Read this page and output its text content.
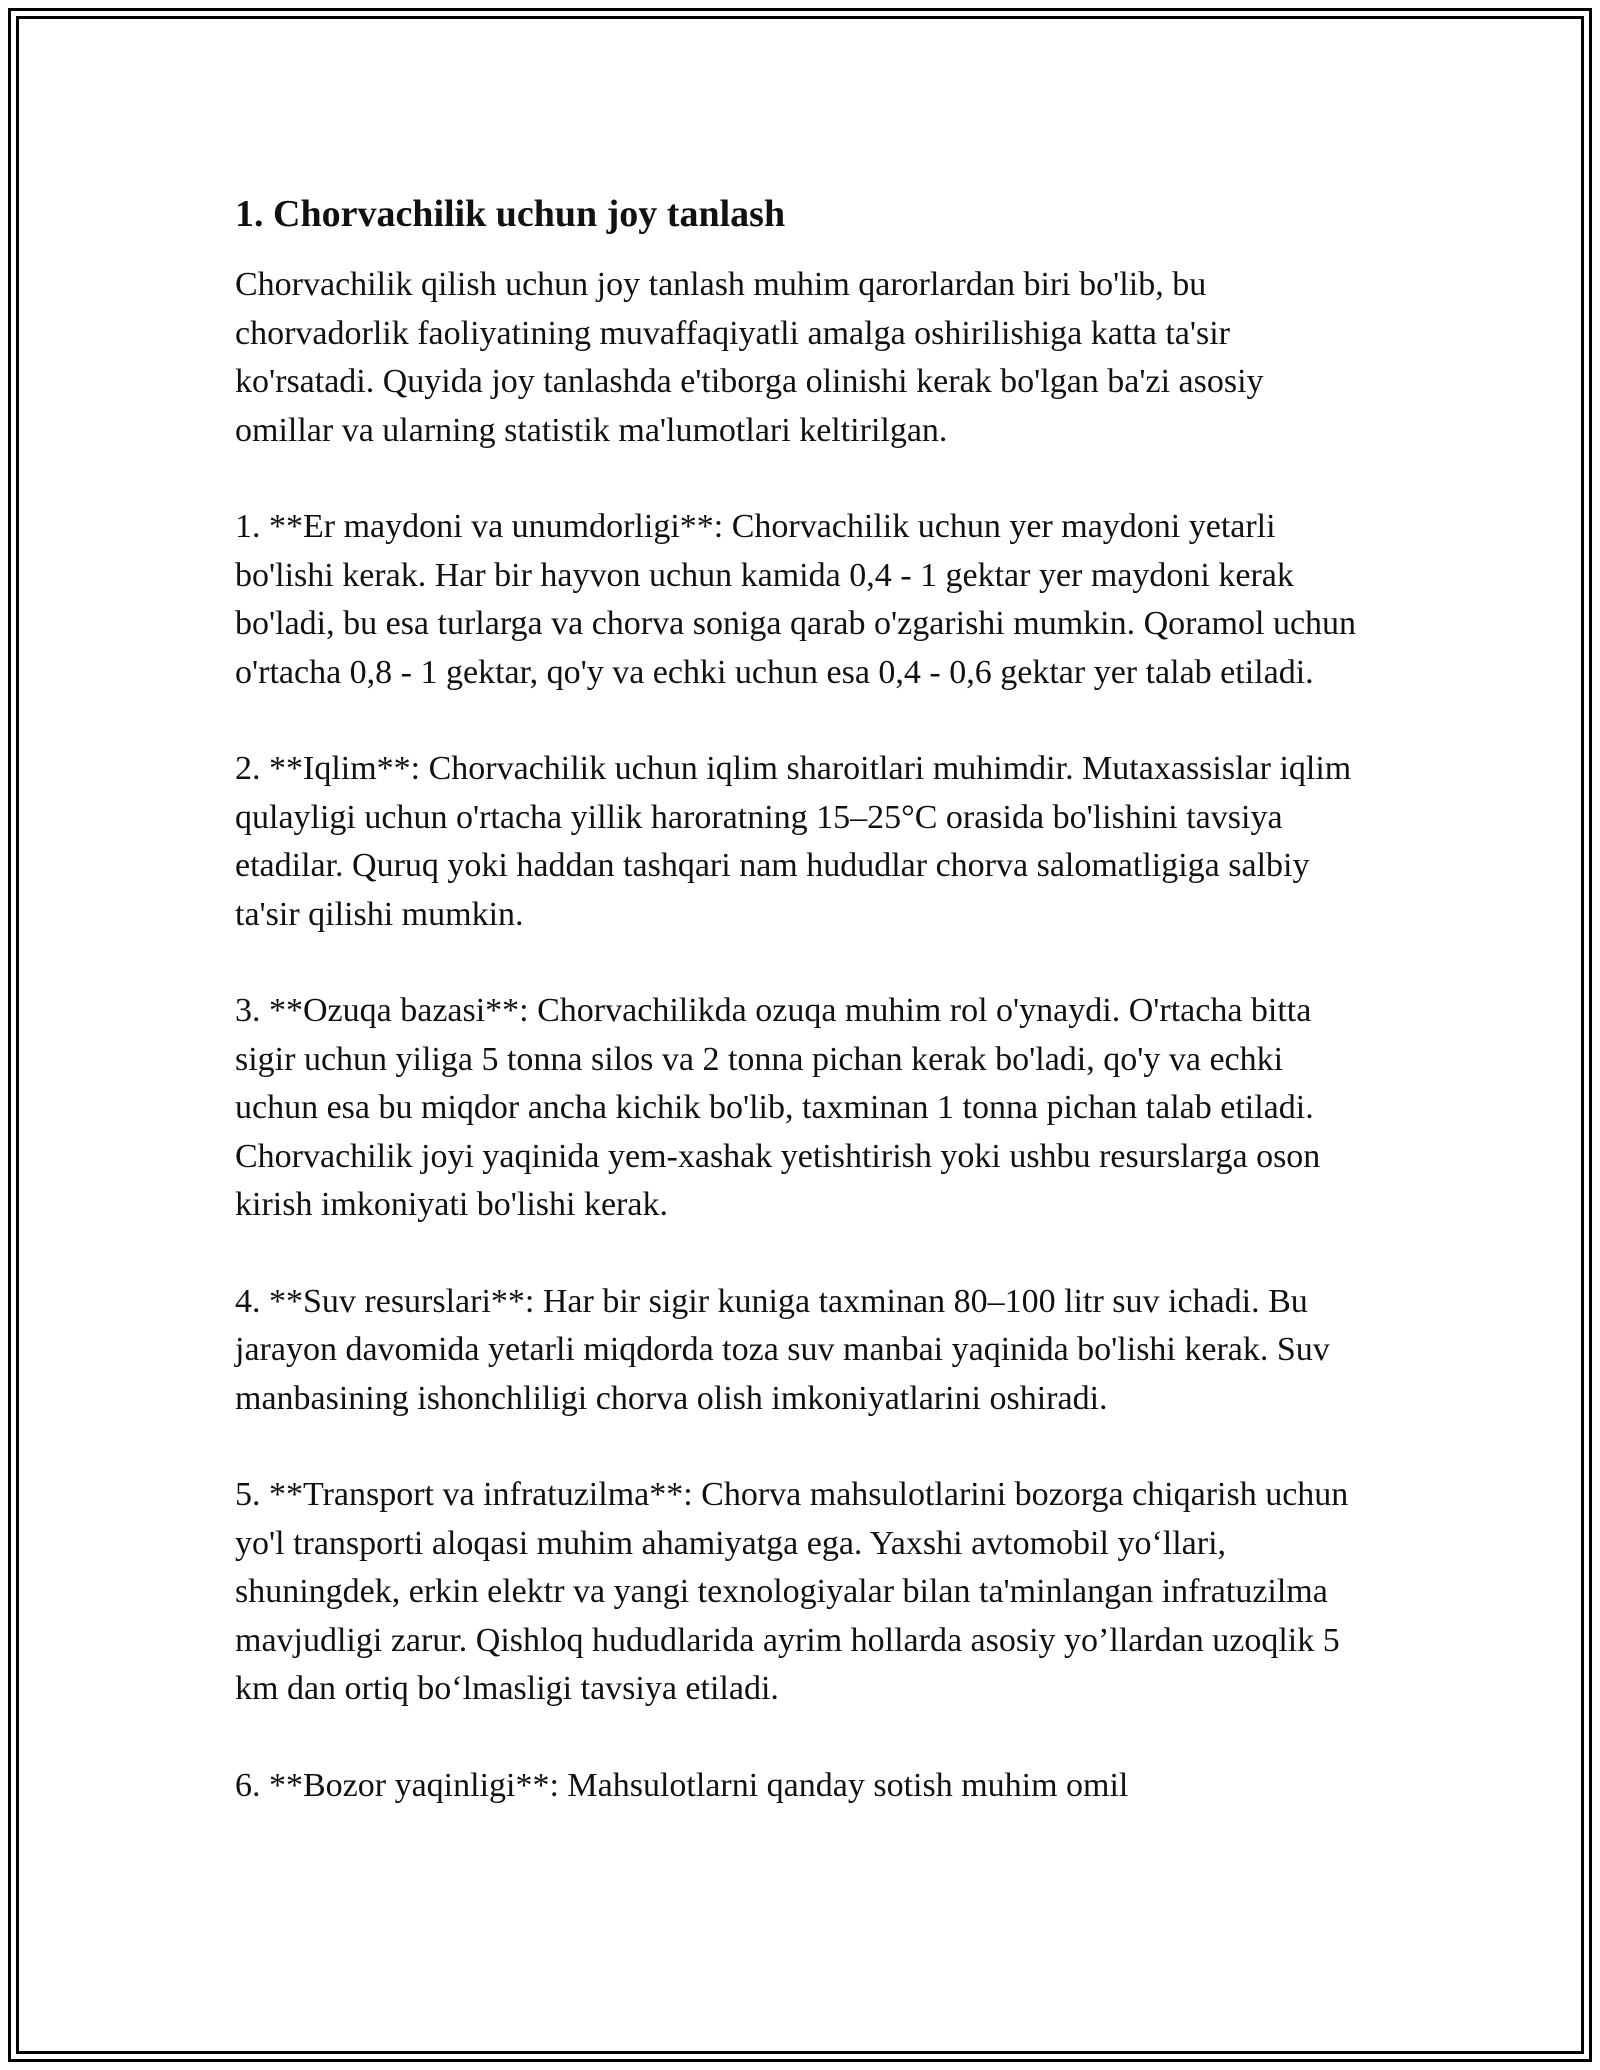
1. Chorvachilik uchun joy tanlash

Chorvachilik qilish uchun joy tanlash muhim qarorlardan biri bo'lib, bu chorvadorlik faoliyatining muvaffaqiyatli amalga oshirilishiga katta ta'sir ko'rsatadi. Quyida joy tanlashda e'tiborga olinishi kerak bo'lgan ba'zi asosiy omillar va ularning statistik ma'lumotlari keltirilgan.

1. **Er maydoni va unumdorligi**: Chorvachilik uchun yer maydoni yetarli bo'lishi kerak. Har bir hayvon uchun kamida 0,4 - 1 gektar yer maydoni kerak bo'ladi, bu esa turlarga va chorva soniga qarab o'zgarishi mumkin. Qoramol uchun o'rtacha 0,8 - 1 gektar, qo'y va echki uchun esa 0,4 - 0,6 gektar yer talab etiladi.

2. **Iqlim**: Chorvachilik uchun iqlim sharoitlari muhimdir. Mutaxassislar iqlim qulayligi uchun o'rtacha yillik haroratning 15–25°C orasida bo'lishini tavsiya etadilar. Quruq yoki haddan tashqari nam hududlar chorva salomatligiga salbiy ta'sir qilishi mumkin.

3. **Ozuqa bazasi**: Chorvachilikda ozuqa muhim rol o'ynaydi. O'rtacha bitta sigir uchun yiliga 5 tonna silos va 2 tonna pichan kerak bo'ladi, qo'y va echki uchun esa bu miqdor ancha kichik bo'lib, taxminan 1 tonna pichan talab etiladi. Chorvachilik joyi yaqinida yem-xashak yetishtirish yoki ushbu resurslarga oson kirish imkoniyati bo'lishi kerak.

4. **Suv resurslari**: Har bir sigir kuniga taxminan 80–100 litr suv ichadi. Bu jarayon davomida yetarli miqdorda toza suv manbai yaqinida bo'lishi kerak. Suv manbasining ishonchliligi chorva olish imkoniyatlarini oshiradi.

5. **Transport va infratuzilma**: Chorva mahsulotlarini bozorga chiqarish uchun yo'l transporti aloqasi muhim ahamiyatga ega. Yaxshi avtomobil yo‘llari, shuningdek, erkin elektr va yangi texnologiyalar bilan ta'minlangan infratuzilma mavjudligi zarur. Qishloq hududlarida ayrim hollarda asosiy yo’llardan uzoqlik 5 km dan ortiq bo‘lmasligi tavsiya etiladi.

6. **Bozor yaqinligi**: Mahsulotlarni qanday sotish muhim omil
